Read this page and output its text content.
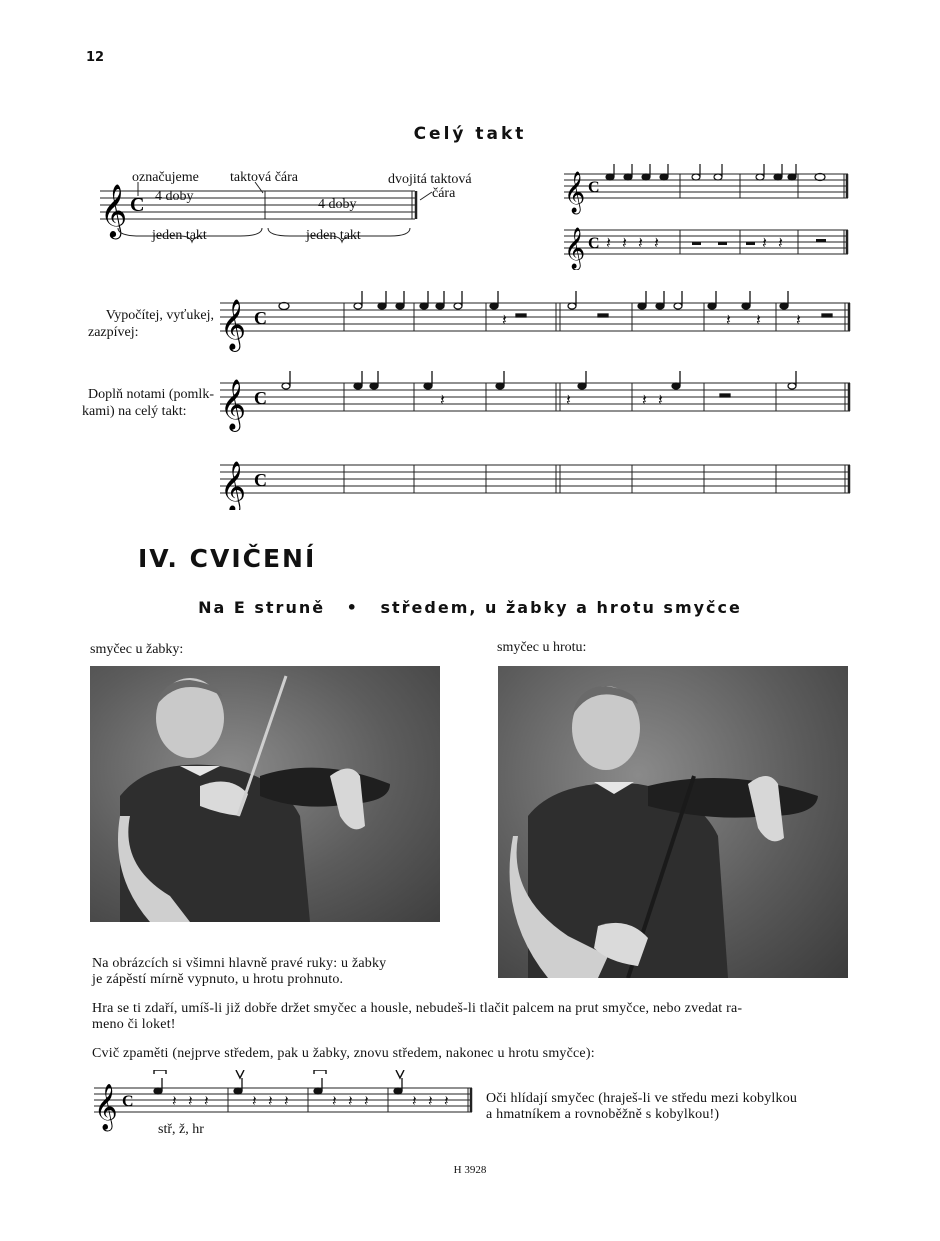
12
Celý takt
𝄞 C
označujeme taktová čára	dvojitá taktová
čára
4 doby
4 doby
jeden takt	jeden takt
𝄞 C
𝄞 C 𝄽 𝄽 𝄽 𝄽	𝄽 𝄽
Vypočítej, vyťukej,
zazpívej:
Doplň notami (pomlk-
kami) na celý takt:
𝄞 C
𝄞 C
𝄞 C
𝄽	𝄽 𝄽 𝄽
𝄽	𝄽	𝄽 𝄽
IV. CVIČENÍ
Na E struně • středem, u žabky a hrotu smyčce
smyčec u žabky:	smyčec u hrotu:
Na obrázcích si všimni hlavně pravé ruky: u žabky
je zápěstí mírně vypnuto, u hrotu prohnuto.
Hra se ti zdaří, umíš-li již dobře držet smyčec a housle, nebudeš-li tlačit palcem na prut smyčce, nebo zvedat ra-
meno či loket!
Cvič zpaměti (nejprve středem, pak u žabky, znovu středem, nakonec u hrotu smyčce):
𝄞 C	𝄽 𝄽 𝄽	𝄽 𝄽 𝄽	𝄽 𝄽 𝄽	𝄽 𝄽 𝄽
stř, ž, hr
Oči hlídají smyčec (hraješ-li ve středu mezi kobylkou
a hmatníkem a rovnoběžně s kobylkou!)
H 3928
